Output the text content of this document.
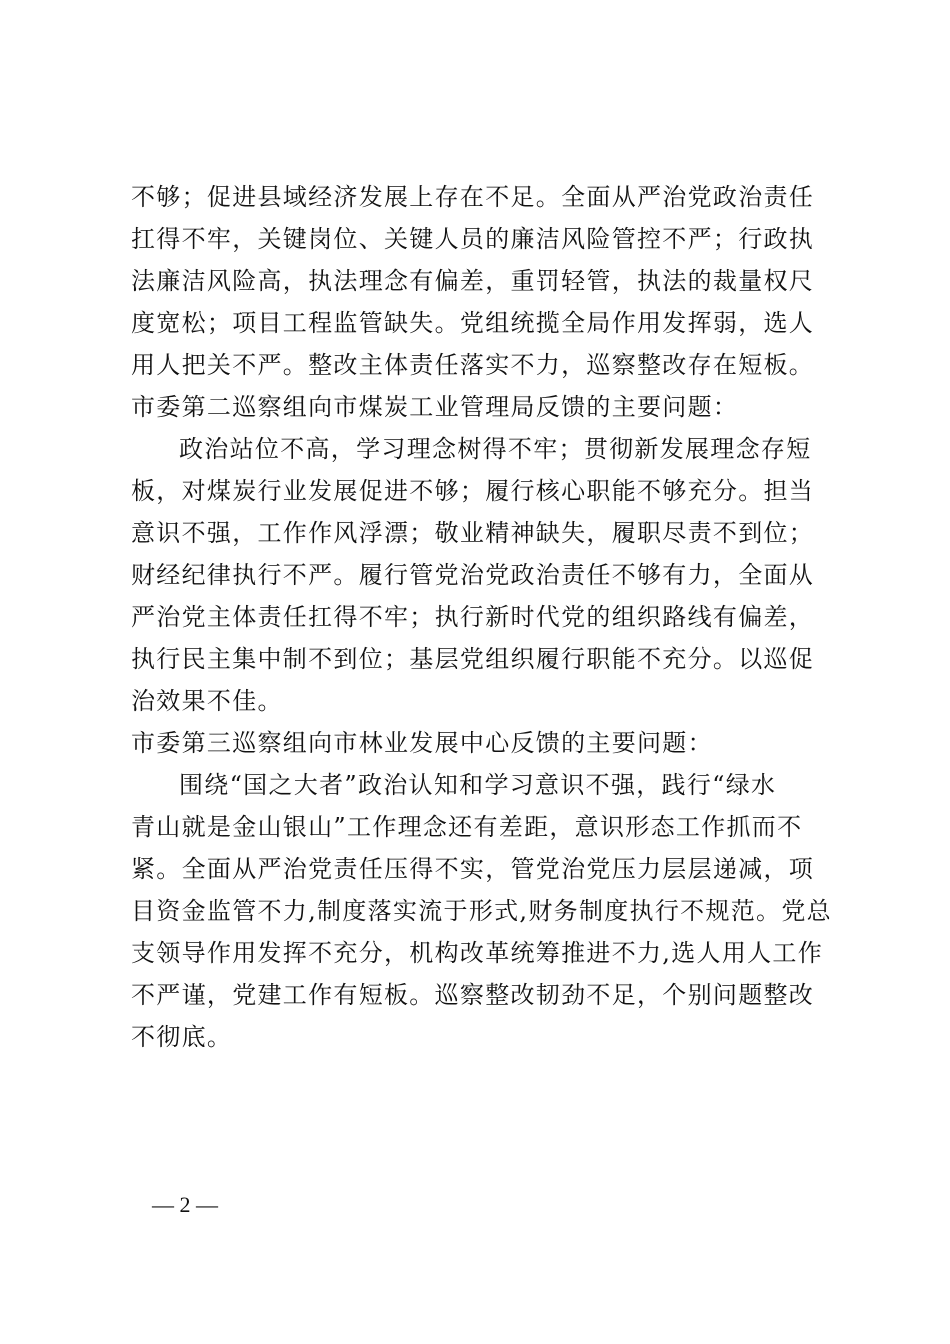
不够；促进县域经济发展上存在不足。全面从严治党政治责任

扛得不牢，关键岗位、关键人员的廉洁风险管控不严；行政执

法廉洁风险高，执法理念有偏差，重罚轻管，执法的裁量权尺

度宽松；项目工程监管缺失。党组统揽全局作用发挥弱，选人

用人把关不严。整改主体责任落实不力，巡察整改存在短板。

市委第二巡察组向市煤炭工业管理局反馈的主要问题：

政治站位不高，学习理念树得不牢；贯彻新发展理念存短

板，对煤炭行业发展促进不够；履行核心职能不够充分。担当

意识不强，工作作风浮漂；敬业精神缺失，履职尽责不到位；

财经纪律执行不严。履行管党治党政治责任不够有力，全面从

严治党主体责任扛得不牢；执行新时代党的组织路线有偏差，

执行民主集中制不到位；基层党组织履行职能不充分。以巡促

治效果不佳。

市委第三巡察组向市林业发展中心反馈的主要问题：

围绕“国之大者”政治认知和学习意识不强，践行“绿水

青山就是金山银山”工作理念还有差距，意识形态工作抓而不

紧。全面从严治党责任压得不实，管党治党压力层层递减，项

目资金监管不力,制度落实流于形式,财务制度执行不规范。党总

支领导作用发挥不充分，机构改革统筹推进不力,选人用人工作

不严谨，党建工作有短板。巡察整改韧劲不足，个别问题整改

不彻底。

— 2 —
